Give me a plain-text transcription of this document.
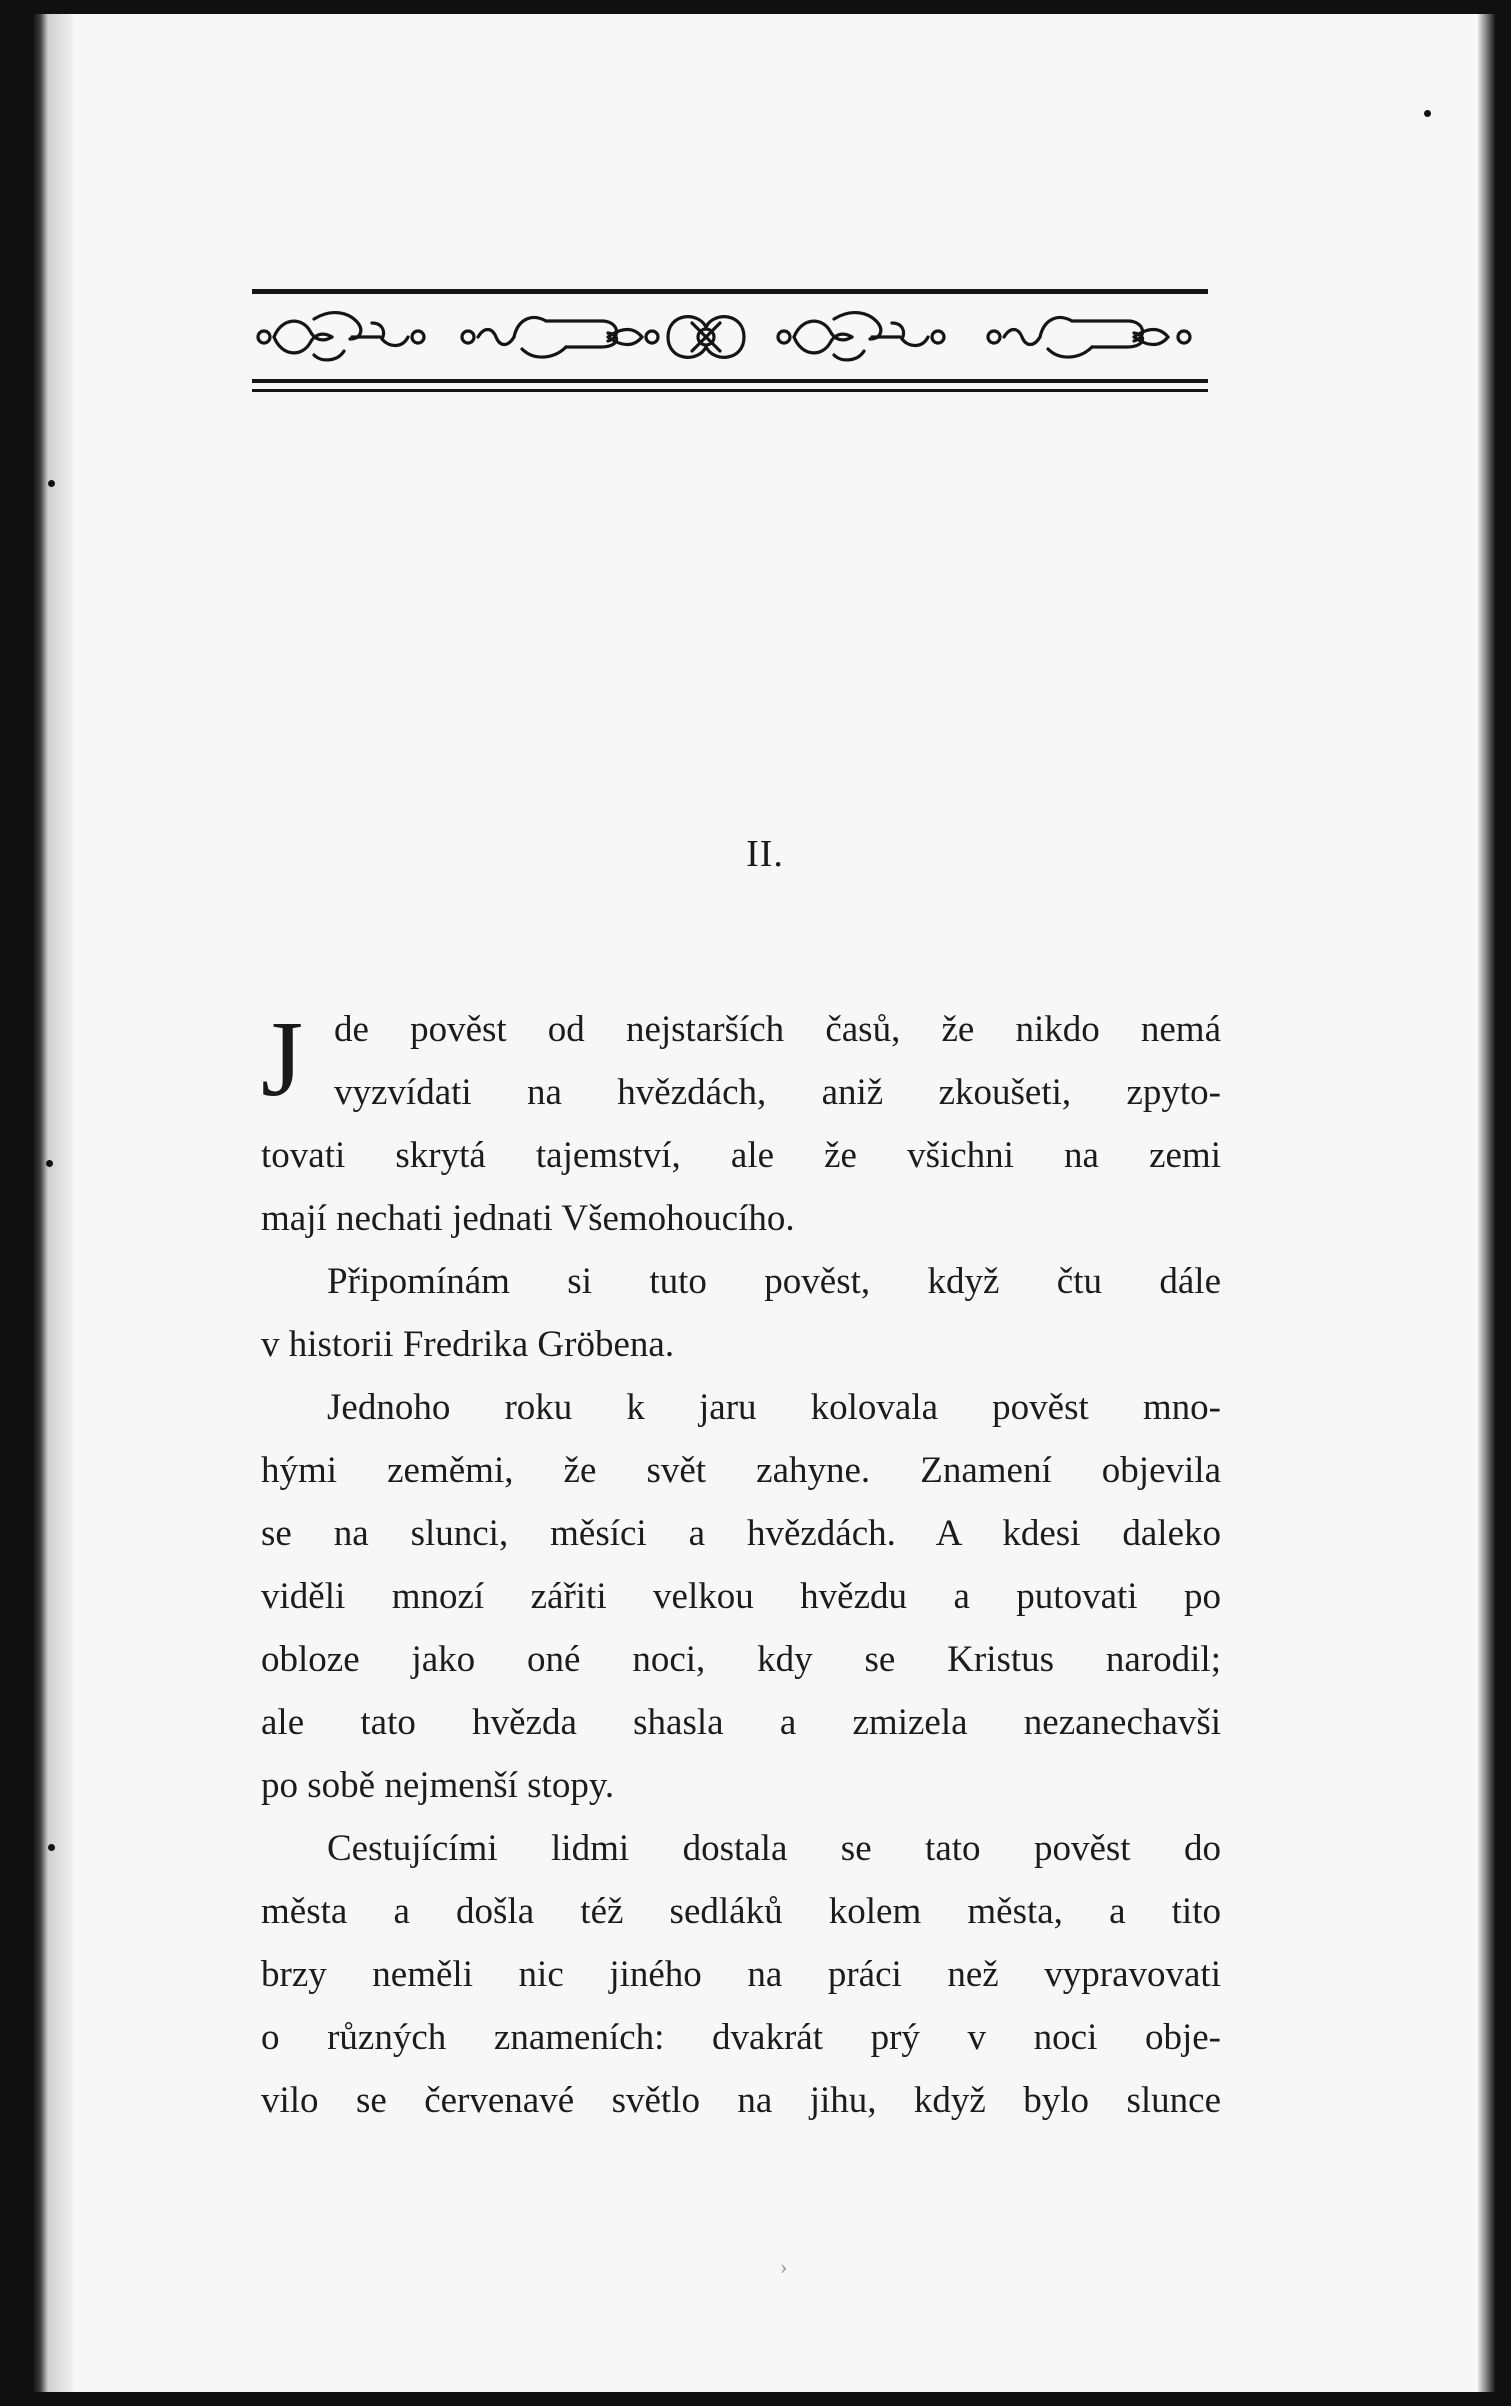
II.
J de pověst od nejstarších časů, že nikdo nemá
vyzvídati na hvězdách, aniž zkoušeti, zpyto-
tovati skrytá tajemství, ale že všichni na zemi
mají nechati jednati Všemohoucího.
Připomínám si tuto pověst, když čtu dále
v historii Fredrika Gröbena.
Jednoho roku k jaru kolovala pověst mno-
hými zeměmi, že svět zahyne. Znamení objevila
se na slunci, měsíci a hvězdách. A kdesi daleko
viděli mnozí zářiti velkou hvězdu a putovati po
obloze jako oné noci, kdy se Kristus narodil;
ale tato hvězda shasla a zmizela nezanechavši
po sobě nejmenší stopy.
Cestujícími lidmi dostala se tato pověst do
města a došla též sedláků kolem města, a tito
brzy neměli nic jiného na práci než vypravovati
o různých znameních: dvakrát prý v noci obje-
vilo se červenavé světlo na jihu, když bylo slunce
›
